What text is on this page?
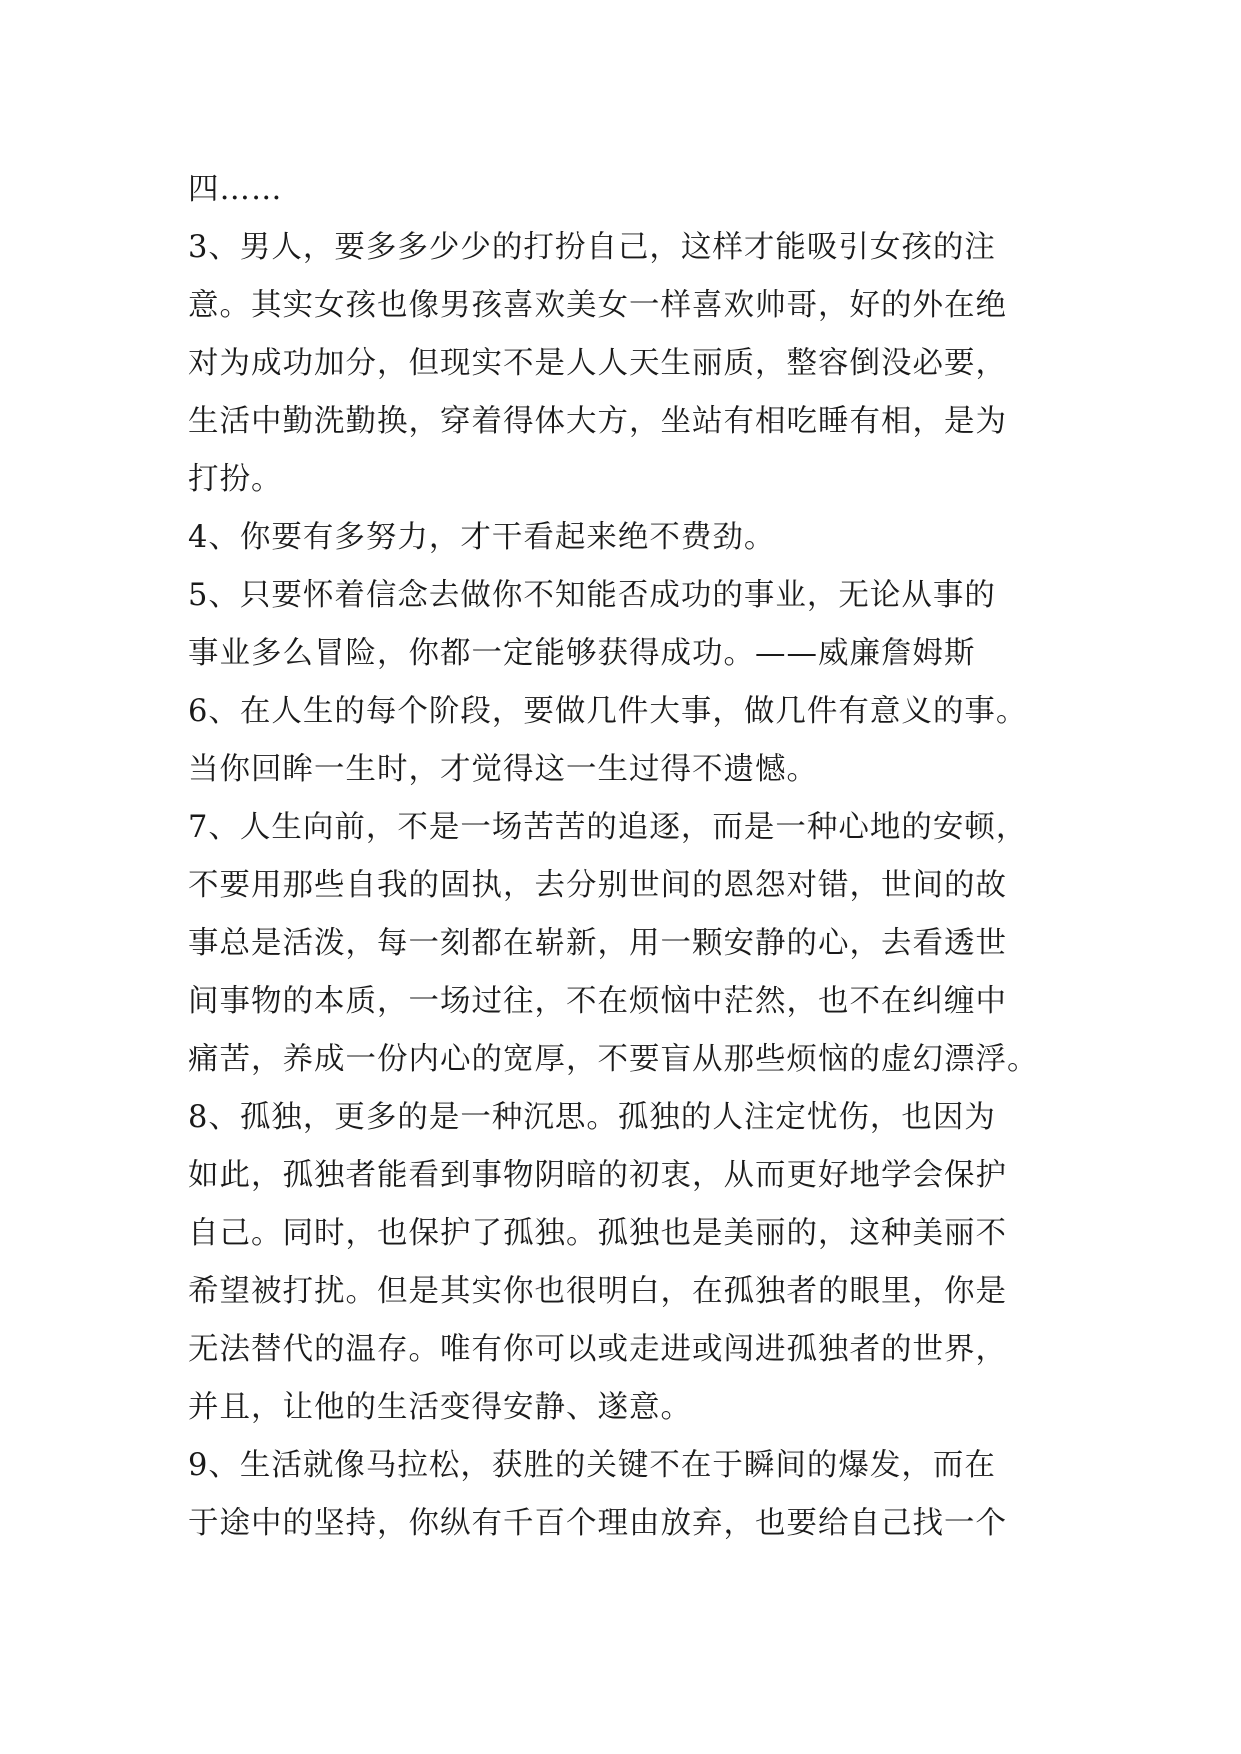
四……
3、男人，要多多少少的打扮自己，这样才能吸引女孩的注
意。其实女孩也像男孩喜欢美女一样喜欢帅哥，好的外在绝
对为成功加分，但现实不是人人天生丽质，整容倒没必要，
生活中勤洗勤换，穿着得体大方，坐站有相吃睡有相，是为
打扮。
4、你要有多努力，才干看起来绝不费劲。
5、只要怀着信念去做你不知能否成功的事业，无论从事的
事业多么冒险，你都一定能够获得成功。——威廉詹姆斯
6、在人生的每个阶段，要做几件大事，做几件有意义的事。
当你回眸一生时，才觉得这一生过得不遗憾。
7、人生向前，不是一场苦苦的追逐，而是一种心地的安顿，
不要用那些自我的固执，去分别世间的恩怨对错，世间的故
事总是活泼，每一刻都在崭新，用一颗安静的心，去看透世
间事物的本质，一场过往，不在烦恼中茫然，也不在纠缠中
痛苦，养成一份内心的宽厚，不要盲从那些烦恼的虚幻漂浮。
8、孤独，更多的是一种沉思。孤独的人注定忧伤，也因为
如此，孤独者能看到事物阴暗的初衷，从而更好地学会保护
自己。同时，也保护了孤独。孤独也是美丽的，这种美丽不
希望被打扰。但是其实你也很明白，在孤独者的眼里，你是
无法替代的温存。唯有你可以或走进或闯进孤独者的世界，
并且，让他的生活变得安静、遂意。
9、生活就像马拉松，获胜的关键不在于瞬间的爆发，而在
于途中的坚持，你纵有千百个理由放弃，也要给自己找一个
